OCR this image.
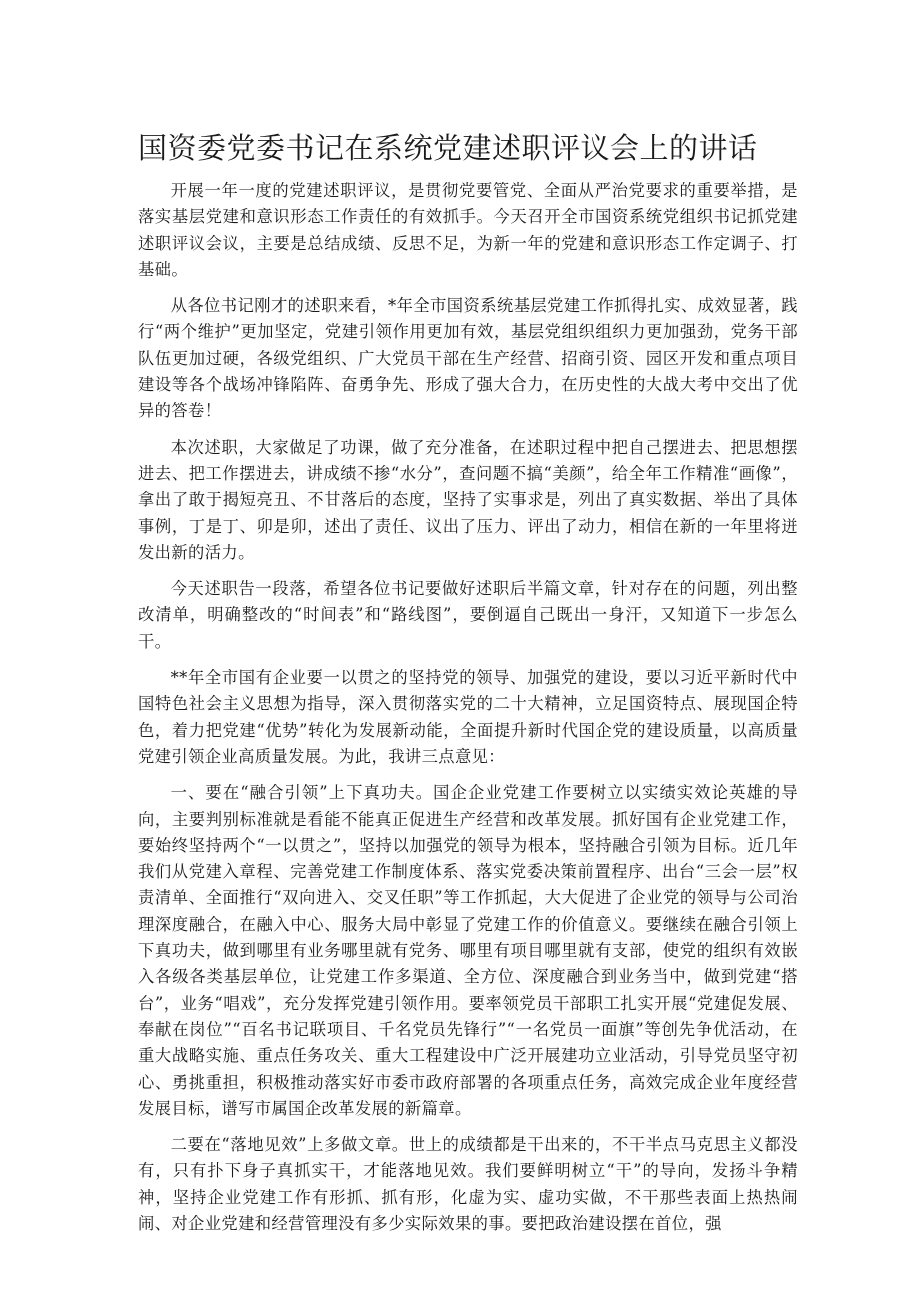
国资委党委书记在系统党建述职评议会上的讲话

开展一年一度的党建述职评议，是贯彻党要管党、全面从严治党要求的重要举措，是落实基层党建和意识形态工作责任的有效抓手。今天召开全市国资系统党组织书记抓党建述职评议会议，主要是总结成绩、反思不足，为新一年的党建和意识形态工作定调子、打基础。

从各位书记刚才的述职来看，*年全市国资系统基层党建工作抓得扎实、成效显著，践行“两个维护”更加坚定，党建引领作用更加有效，基层党组织组织力更加强劲，党务干部队伍更加过硬，各级党组织、广大党员干部在生产经营、招商引资、园区开发和重点项目建设等各个战场冲锋陷阵、奋勇争先、形成了强大合力，在历史性的大战大考中交出了优异的答卷！

本次述职，大家做足了功课，做了充分准备，在述职过程中把自己摆进去、把思想摆进去、把工作摆进去，讲成绩不掺“水分”，查问题不搞“美颜”，给全年工作精准“画像”，拿出了敢于揭短亮丑、不甘落后的态度，坚持了实事求是，列出了真实数据、举出了具体事例，丁是丁、卯是卯，述出了责任、议出了压力、评出了动力，相信在新的一年里将迸发出新的活力。

今天述职告一段落，希望各位书记要做好述职后半篇文章，针对存在的问题，列出整改清单，明确整改的“时间表”和“路线图”，要倒逼自己既出一身汗，又知道下一步怎么干。

**年全市国有企业要一以贯之的坚持党的领导、加强党的建设，要以习近平新时代中国特色社会主义思想为指导，深入贯彻落实党的二十大精神，立足国资特点、展现国企特色，着力把党建“优势”转化为发展新动能，全面提升新时代国企党的建设质量，以高质量党建引领企业高质量发展。为此，我讲三点意见：

一、要在“融合引领”上下真功夫。国企企业党建工作要树立以实绩实效论英雄的导向，主要判别标准就是看能不能真正促进生产经营和改革发展。抓好国有企业党建工作，要始终坚持两个“一以贯之”，坚持以加强党的领导为根本，坚持融合引领为目标。近几年我们从党建入章程、完善党建工作制度体系、落实党委决策前置程序、出台“三会一层”权责清单、全面推行“双向进入、交叉任职”等工作抓起，大大促进了企业党的领导与公司治理深度融合，在融入中心、服务大局中彰显了党建工作的价值意义。要继续在融合引领上下真功夫，做到哪里有业务哪里就有党务、哪里有项目哪里就有支部，使党的组织有效嵌入各级各类基层单位，让党建工作多渠道、全方位、深度融合到业务当中，做到党建“搭台”，业务“唱戏”，充分发挥党建引领作用。要率领党员干部职工扎实开展“党建促发展、奉献在岗位”“百名书记联项目、千名党员先锋行”“一名党员一面旗”等创先争优活动，在重大战略实施、重点任务攻关、重大工程建设中广泛开展建功立业活动，引导党员坚守初心、勇挑重担，积极推动落实好市委市政府部署的各项重点任务，高效完成企业年度经营发展目标，谱写市属国企改革发展的新篇章。

二要在“落地见效”上多做文章。世上的成绩都是干出来的，不干半点马克思主义都没有，只有扑下身子真抓实干，才能落地见效。我们要鲜明树立“干”的导向，发扬斗争精神，坚持企业党建工作有形抓、抓有形，化虚为实、虚功实做，不干那些表面上热热闹闹、对企业党建和经营管理没有多少实际效果的事。要把政治建设摆在首位，强
